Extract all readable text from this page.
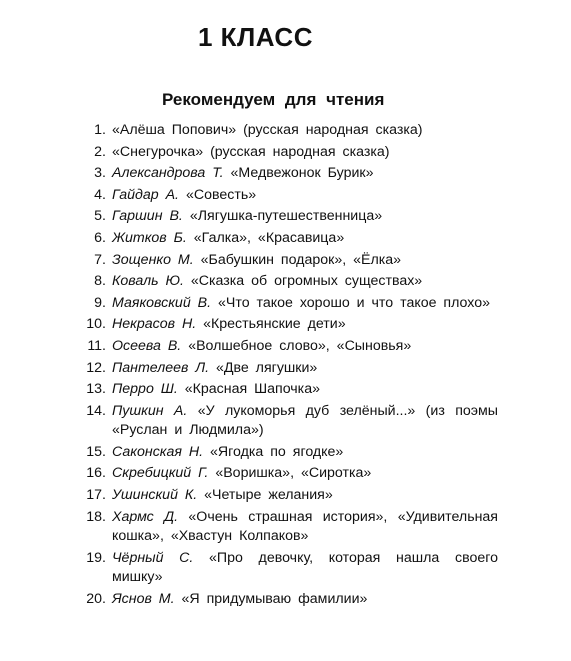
1 КЛАСС
Рекомендуем для чтения
1. «Алёша Попович» (русская народная сказка)
2. «Снегурочка» (русская народная сказка)
3. Александрова Т. «Медвежонок Бурик»
4. Гайдар А. «Совесть»
5. Гаршин В. «Лягушка-путешественница»
6. Житков Б. «Галка», «Красавица»
7. Зощенко М. «Бабушкин подарок», «Ёлка»
8. Коваль Ю. «Сказка об огромных существах»
9. Маяковский В. «Что такое хорошо и что такое плохо»
10. Некрасов Н. «Крестьянские дети»
11. Осеева В. «Волшебное слово», «Сыновья»
12. Пантелеев Л. «Две лягушки»
13. Перро Ш. «Красная Шапочка»
14. Пушкин А. «У лукоморья дуб зелёный...» (из поэмы «Руслан и Людмила»)
15. Саконская Н. «Ягодка по ягодке»
16. Скребицкий Г. «Воришка», «Сиротка»
17. Ушинский К. «Четыре желания»
18. Хармс Д. «Очень страшная история», «Удивительная кошка», «Хвастун Колпаков»
19. Чёрный С. «Про девочку, которая нашла своего мишку»
20. Яснов М. «Я придумываю фамилии»
